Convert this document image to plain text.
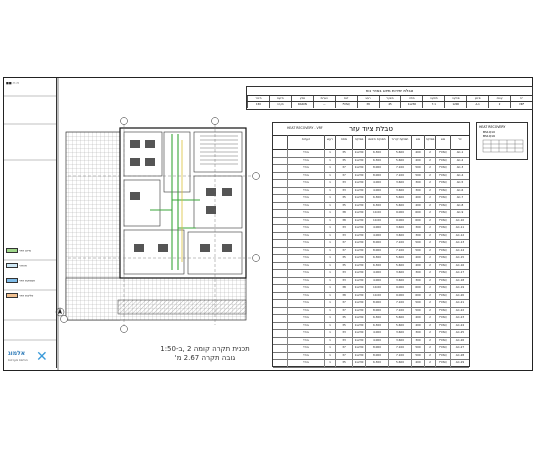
■■ ▭ ▭
מיזוג אויר
אוורור
אספקת אויר
פליטת אויר
✕
אלמוג
הנדסת מערכות
תכנית תקרה קומה 2 ,ב-1:50
גובה תקרה 2.67 מ'
טבלת יחידות מיזוג באויר נוח
יח'
קומה
סימון
ספיקה
תפוקה
מתח
משקל
רעש
דגם
הערות
ספק
מיקום
חיבור
VRF
2
A-1
1200
7.1
1x230
45
38
FXSQ
—
DAIKIN
תקרה
150
טבלת ציוד עזר
HEAT RECOVERY - VRF
יח'
סוג
ספיקה
סוג
תפוקת קירור
תפוקת חימום
ספיקה
מתח
רעש
הערות
AC-1
FXSQ
2
400
5.600
6.300
1x230
35
1
מודל
AC-2
FXSQ
2
400
5.600
6.300
1x230
35
1
מודל
AC-3
FXSQ
2
500
7.100
8.000
1x230
37
1
מודל
AC-4
FXSQ
2
500
7.100
8.000
1x230
37
1
מודל
AC-5
FXSQ
2
300
3.600
4.000
1x230
33
1
מודל
AC-6
FXSQ
2
300
3.600
4.000
1x230
33
1
מודל
AC-7
FXSQ
2
400
5.600
6.300
1x230
35
1
מודל
AC-8
FXSQ
2
400
5.600
6.300
1x230
35
1
מודל
AC-9
FXSQ
2
600
9.000
10.00
1x230
38
1
מודל
AC-10
FXSQ
2
600
9.000
10.00
1x230
38
1
מודל
AC-11
FXSQ
2
300
3.600
4.000
1x230
33
1
מודל
AC-12
FXSQ
2
300
3.600
4.000
1x230
33
1
מודל
AC-13
FXSQ
2
500
7.100
8.000
1x230
37
1
מודל
AC-14
FXSQ
2
500
7.100
8.000
1x230
37
1
מודל
AC-15
FXSQ
2
400
5.600
6.300
1x230
35
1
מודל
AC-16
FXSQ
2
400
5.600
6.300
1x230
35
1
מודל
AC-17
FXSQ
2
300
3.600
4.000
1x230
33
1
מודל
AC-18
FXSQ
2
300
3.600
4.000
1x230
33
1
מודל
AC-19
FXSQ
2
600
9.000
10.00
1x230
38
1
מודל
AC-20
FXSQ
2
600
9.000
10.00
1x230
38
1
מודל
AC-21
FXSQ
2
500
7.100
8.000
1x230
37
1
מודל
AC-22
FXSQ
2
500
7.100
8.000
1x230
37
1
מודל
AC-23
FXSQ
2
400
5.600
6.300
1x230
35
1
מודל
AC-24
FXSQ
2
400
5.600
6.300
1x230
35
1
מודל
AC-25
FXSQ
2
300
3.600
4.000
1x230
33
1
מודל
AC-26
FXSQ
2
300
3.600
4.000
1x230
33
1
מודל
AC-27
FXSQ
2
500
7.100
8.000
1x230
37
1
מודל
AC-28
FXSQ
2
500
7.100
8.000
1x230
37
1
מודל
AC-29
FXSQ
2
400
5.600
6.300
1x230
35
1
מודל
HEAT RECOVERY
BS1Q10
BS1Q16
